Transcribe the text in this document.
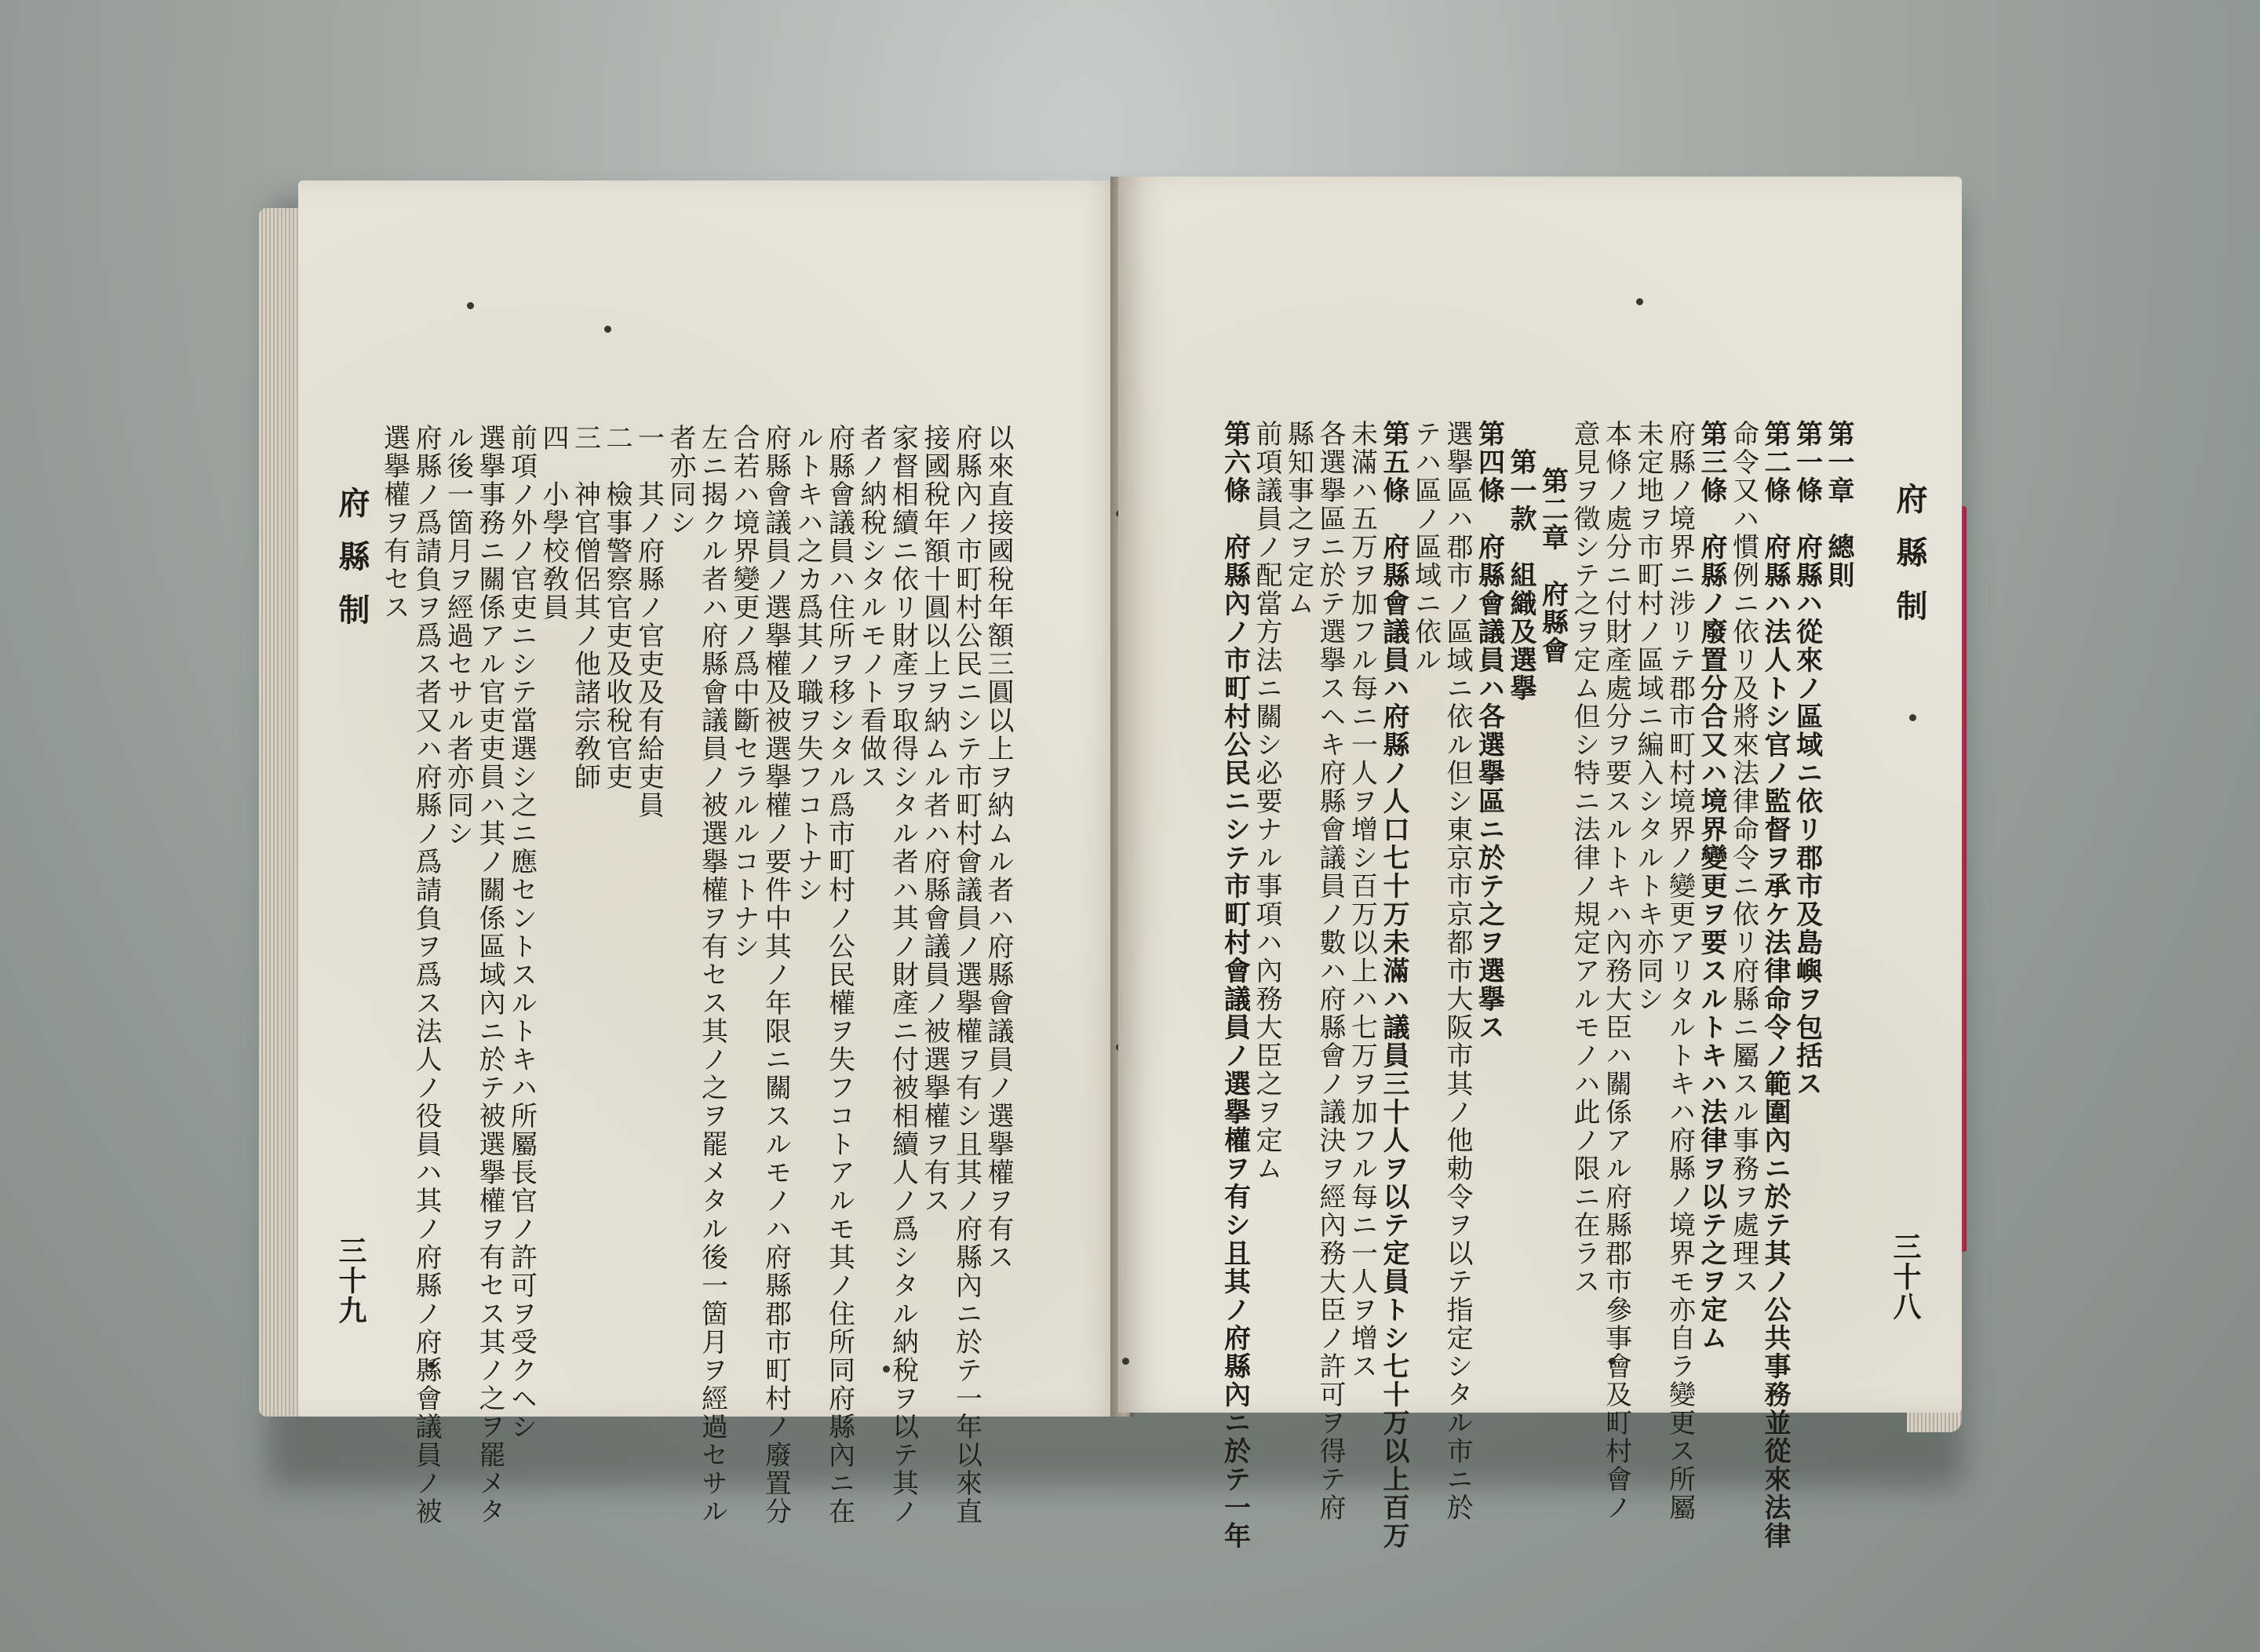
府縣制
三十九
以來直接國稅年額三圓以上ヲ納ムル者ハ府縣會議員ノ選擧權ヲ有ス
府縣內ノ市町村公民ニシテ市町村會議員ノ選擧權ヲ有シ且其ノ府縣內ニ於テ一年以來直
接國稅年額十圓以上ヲ納ムル者ハ府縣會議員ノ被選擧權ヲ有ス
家督相續ニ依リ財產ヲ取得シタル者ハ其ノ財產ニ付被相續人ノ爲シタル納稅ヲ以テ其ノ
者ノ納稅シタルモノト看做ス
府縣會議員ハ住所ヲ移シタル爲市町村ノ公民權ヲ失フコトアルモ其ノ住所同府縣內ニ在
ルトキハ之カ爲其ノ職ヲ失フコトナシ
府縣會議員ノ選擧權及被選擧權ノ要件中其ノ年限ニ關スルモノハ府縣郡市町村ノ廢置分
合若ハ境界變更ノ爲中斷セラルルコトナシ
左ニ揭クル者ハ府縣會議員ノ被選擧權ヲ有セス其ノ之ヲ罷メタル後一箇月ヲ經過セサル
者亦同シ
一　其ノ府縣ノ官吏及有給吏員
二　檢事警察官吏及收稅官吏
三　神官僧侶其ノ他諸宗敎師
四　小學校敎員
前項ノ外ノ官吏ニシテ當選シ之ニ應セントスルトキハ所屬長官ノ許可ヲ受クヘシ
選擧事務ニ關係アル官吏吏員ハ其ノ關係區域內ニ於テ被選擧權ヲ有セス其ノ之ヲ罷メタ
ル後一箇月ヲ經過セサル者亦同シ
府縣ノ爲請負ヲ爲ス者又ハ府縣ノ爲請負ヲ爲ス法人ノ役員ハ其ノ府縣ノ府縣會議員ノ被
選擧權ヲ有セス	府縣制
三十八
第一章　總則
第一條　府縣ハ從來ノ區域ニ依リ郡市及島嶼ヲ包括ス
第二條　府縣ハ法人トシ官ノ監督ヲ承ケ法律命令ノ範圍內ニ於テ其ノ公共事務並從來法律
命令又ハ慣例ニ依リ及將來法律命令ニ依リ府縣ニ屬スル事務ヲ處理ス
第三條　府縣ノ廢置分合又ハ境界變更ヲ要スルトキハ法律ヲ以テ之ヲ定ム
府縣ノ境界ニ涉リテ郡市町村境界ノ變更アリタルトキハ府縣ノ境界モ亦自ラ變更ス所屬
未定地ヲ市町村ノ區域ニ編入シタルトキ亦同シ
本條ノ處分ニ付財產處分ヲ要スルトキハ內務大臣ハ關係アル府縣郡市參事會及町村會ノ
意見ヲ徵シテ之ヲ定ム但シ特ニ法律ノ規定アルモノハ此ノ限ニ在ラス
第二章　府縣會
第一款　組織及選擧
第四條　府縣會議員ハ各選擧區ニ於テ之ヲ選擧ス
選擧區ハ郡市ノ區域ニ依ル但シ東京市京都市大阪市其ノ他勅令ヲ以テ指定シタル市ニ於
テハ區ノ區域ニ依ル
第五條　府縣會議員ハ府縣ノ人口七十万未滿ハ議員三十人ヲ以テ定員トシ七十万以上百万
未滿ハ五万ヲ加フル每ニ一人ヲ增シ百万以上ハ七万ヲ加フル每ニ一人ヲ增ス
各選擧區ニ於テ選擧スヘキ府縣會議員ノ數ハ府縣會ノ議決ヲ經內務大臣ノ許可ヲ得テ府
縣知事之ヲ定ム
前項議員ノ配當方法ニ關シ必要ナル事項ハ內務大臣之ヲ定ム
第六條　府縣內ノ市町村公民ニシテ市町村會議員ノ選擧權ヲ有シ且其ノ府縣內ニ於テ一年
